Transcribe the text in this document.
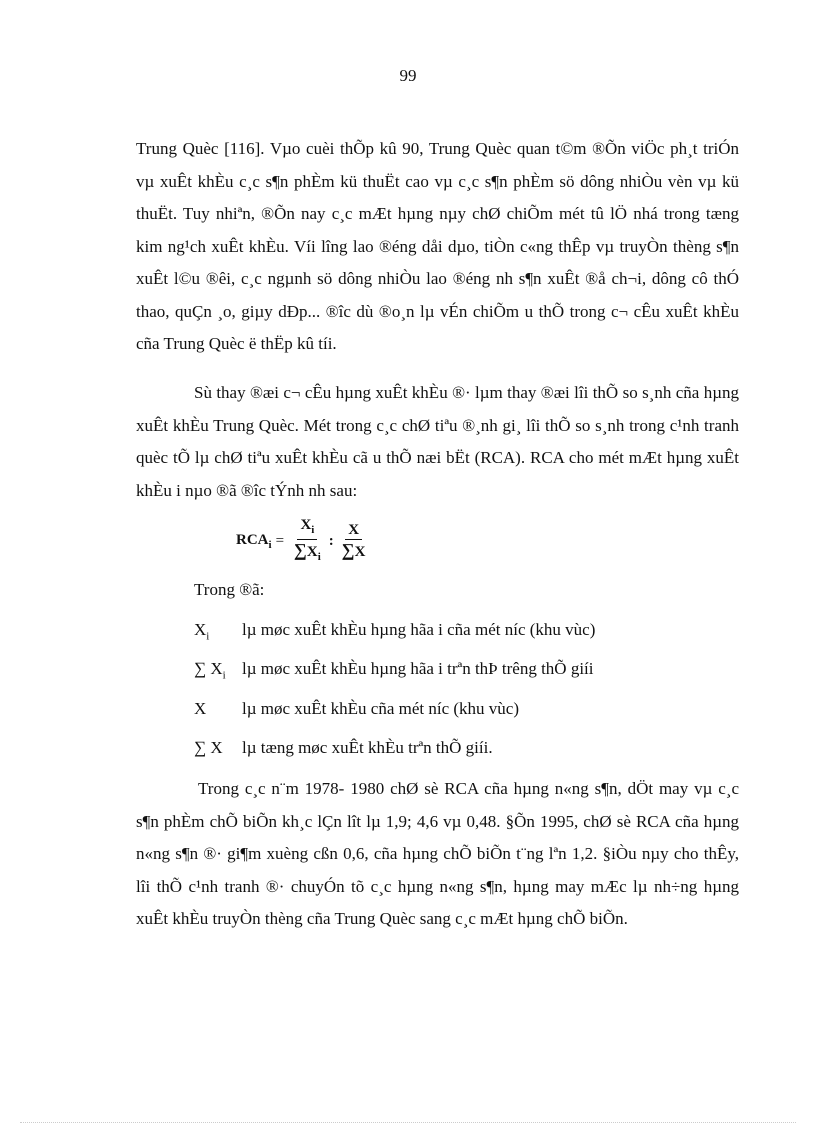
99

Trung Quèc [116]. Vµo cuèi thÕp kû 90, Trung Quèc quan t©m ®Õn viÖc ph¸t triÓn vµ xuÊt khÈu c¸c s¶n phÈm kü thuËt cao vµ c¸c s¶n phÈm sö dông nhiÒu vèn vµ kü thuËt. Tuy nhiªn, ®Õn nay c¸c mÆt hµng nµy chØ chiÕm mét tû lÖ nhá trong tæng kim ng¹ch xuÊt khÈu. Víi lîng lao ®éng dåi dµo, tiÒn c«ng thÊp vµ truyÒn thèng s¶n xuÊt l©u ®êi, c¸c ngµnh sö dông nhiÒu lao ®éng nh s¶n xuÊt ®å ch¬i, dông cô thÓ thao, quÇn ¸o, giµy dÐp... ®îc dù ®o¸n lµ vÉn chiÕm u thÕ trong c¬ cÊu xuÊt khÈu cña Trung Quèc ë thËp kû tíi.

Sù thay ®æi c¬ cÊu hµng xuÊt khÈu ®· lµm thay ®æi lîi thÕ so s¸nh cña hµng xuÊt khÈu Trung Quèc. Mét trong c¸c chØ tiªu ®¸nh gi¸ lîi thÕ so s¸nh trong c¹nh tranh quèc tÕ lµ chØ tiªu xuÊt khÈu cã u thÕ næi bËt (RCA). RCA cho mét mÆt hµng xuÊt khÈu i nµo ®ã ®îc tÝnh nh sau:

$RCA_i = \frac{X_i}{\sum X_i}$ : $\frac{X}{\sum X}$
Trong ®ã:
$X_i$	lµ møc xuÊt khÈu hµng hãa i cña mét níc (khu vùc)
∑ $X_i$ lµ møc xuÊt khÈu hµng hãa i trªn thÞ trêng thÕ giíi
X	lµ møc xuÊt khÈu cña mét níc (khu vùc)
∑ X	lµ tæng møc xuÊt khÈu trªn thÕ giíi.

Trong c¸c n¨m 1978- 1980 chØ sè RCA cña hµng n«ng s¶n, dÖt may vµ c¸c s¶n phÈm chÕ biÕn kh¸c lÇn lît lµ 1,9; 4,6 vµ 0,48. §Õn 1995, chØ sè RCA cña hµng n«ng s¶n ®· gi¶m xuèng cßn 0,6, cña hµng chÕ biÕn t¨ng lªn 1,2. §iÒu nµy cho thÊy, lîi thÕ c¹nh tranh ®· chuyÓn tõ c¸c hµng n«ng s¶n, hµng may mÆc lµ nh÷ng hµng xuÊt khÈu truyÒn thèng cña Trung Quèc sang c¸c mÆt hµng chÕ biÕn.
